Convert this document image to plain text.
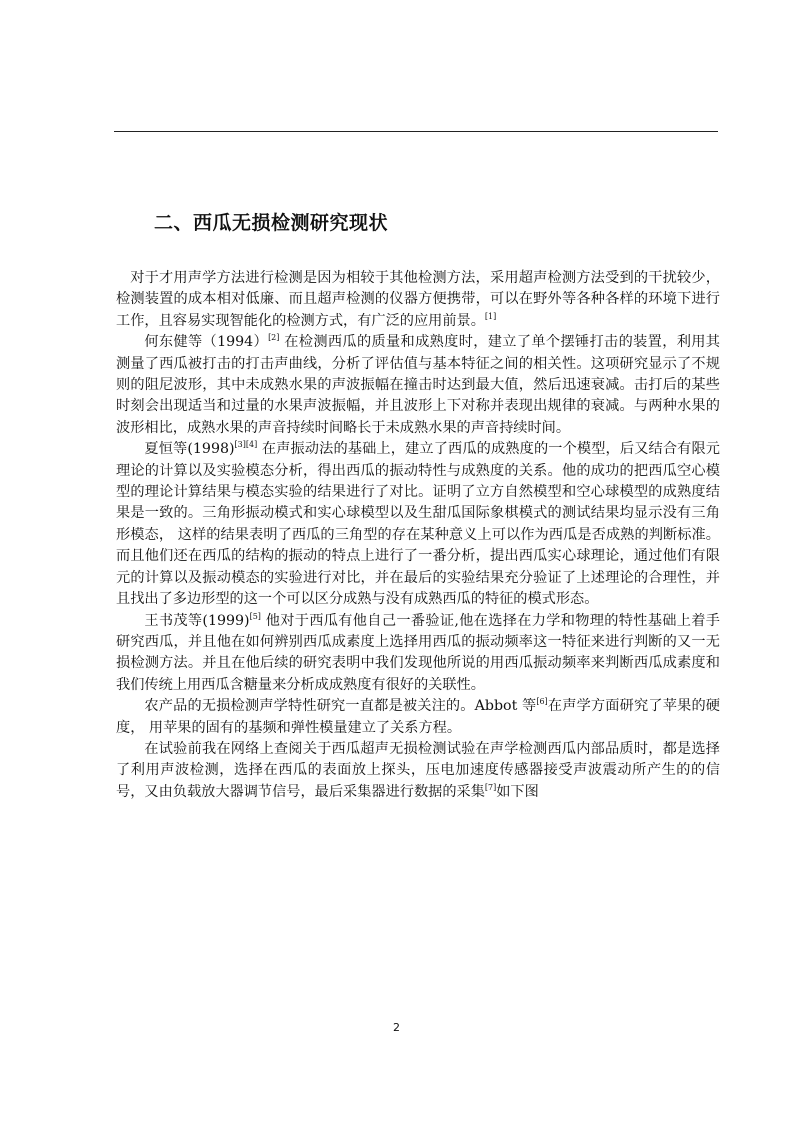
二、西瓜无损检测研究现状

对于才用声学方法进行检测是因为相较于其他检测方法，采用超声检测方法受到的干扰较少，检测装置的成本相对低廉、而且超声检测的仪器方便携带，可以在野外等各种各样的环境下进行工作，且容易实现智能化的检测方式，有广泛的应用前景。[1]

何东健等（1994）[2] 在检测西瓜的质量和成熟度时，建立了单个摆锤打击的装置，利用其测量了西瓜被打击的打击声曲线，分析了评估值与基本特征之间的相关性。这项研究显示了不规则的阻尼波形，其中未成熟水果的声波振幅在撞击时达到最大值，然后迅速衰减。击打后的某些时刻会出现适当和过量的水果声波振幅，并且波形上下对称并表现出规律的衰减。与两种水果的波形相比，成熟水果的声音持续时间略长于未成熟水果的声音持续时间。

夏恒等(1998)[3][4] 在声振动法的基础上，建立了西瓜的成熟度的一个模型，后又结合有限元理论的计算以及实验模态分析，得出西瓜的振动特性与成熟度的关系。他的成功的把西瓜空心模型的理论计算结果与模态实验的结果进行了对比。证明了立方自然模型和空心球模型的成熟度结果是一致的。三角形振动模式和实心球模型以及生甜瓜国际象棋模式的测试结果均显示没有三角形模态， 这样的结果表明了西瓜的三角型的存在某种意义上可以作为西瓜是否成熟的判断标准。而且他们还在西瓜的结构的振动的特点上进行了一番分析，提出西瓜实心球理论，通过他们有限元的计算以及振动模态的实验进行对比，并在最后的实验结果充分验证了上述理论的合理性，并且找出了多边形型的这一个可以区分成熟与没有成熟西瓜的特征的模式形态。

王书茂等(1999)[5] 他对于西瓜有他自己一番验证,他在选择在力学和物理的特性基础上着手研究西瓜，并且他在如何辨别西瓜成素度上选择用西瓜的振动频率这一特征来进行判断的又一无损检测方法。并且在他后续的研究表明中我们发现他所说的用西瓜振动频率来判断西瓜成素度和我们传统上用西瓜含糖量来分析成成熟度有很好的关联性。

农产品的无损检测声学特性研究一直都是被关注的。Abbot 等[6]在声学方面研究了苹果的硬度， 用苹果的固有的基频和弹性模量建立了关系方程。

在试验前我在网络上查阅关于西瓜超声无损检测试验在声学检测西瓜内部品质时，都是选择了利用声波检测，选择在西瓜的表面放上探头，压电加速度传感器接受声波震动所产生的的信号，又由负载放大器调节信号，最后采集器进行数据的采集[7]如下图

2
